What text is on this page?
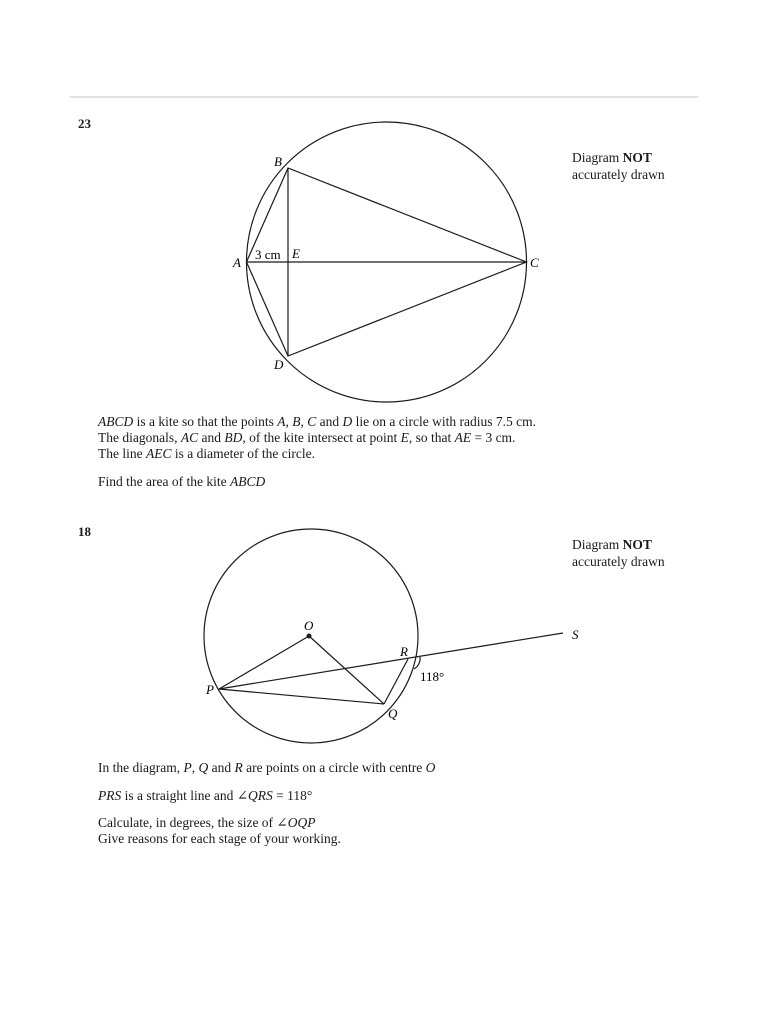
23
Diagram NOT
accurately drawn
B
A	C
D
E
3 cm
ABCD is a kite so that the points A, B, C and D lie on a circle with radius 7.5 cm.
The diagonals, AC and BD, of the kite intersect at point E, so that AE = 3 cm.
The line AEC is a diameter of the circle.
Find the area of the kite ABCD
18
Diagram NOT
accurately drawn
O
P
Q
R
S
118°
In the diagram, P, Q and R are points on a circle with centre O
PRS is a straight line and ∠QRS = 118°
Calculate, in degrees, the size of ∠OQP
Give reasons for each stage of your working.
